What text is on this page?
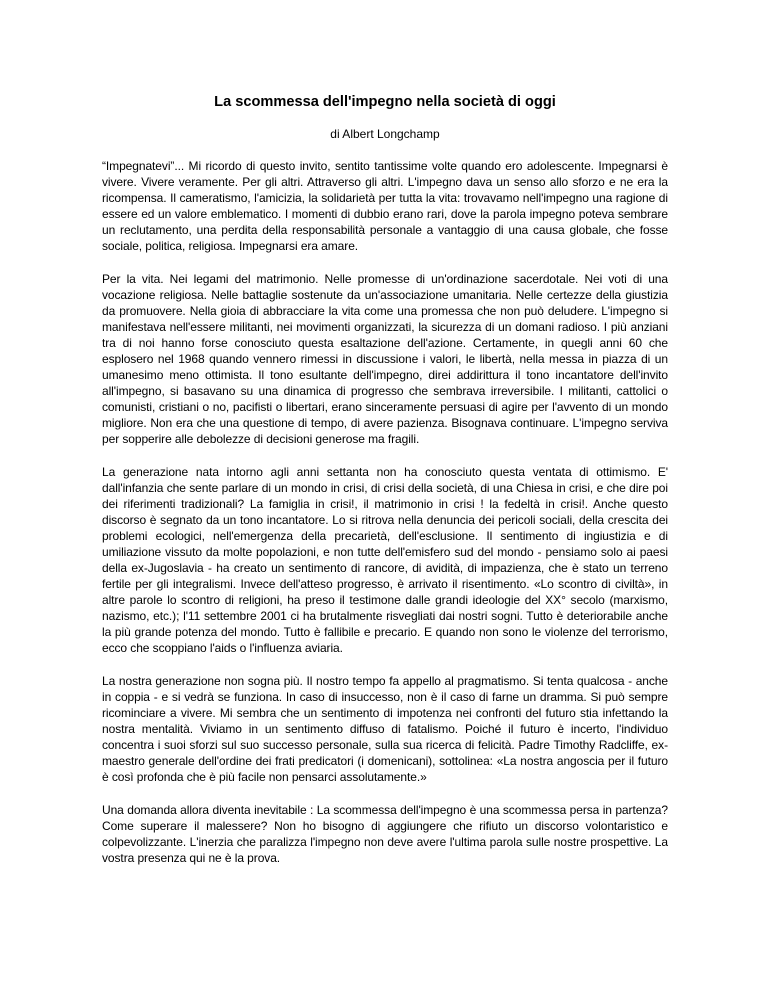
La scommessa dell'impegno nella società di oggi

di Albert Longchamp

“Impegnatevi”... Mi ricordo di questo invito, sentito tantissime volte quando ero adolescente. Impegnarsi è vivere. Vivere veramente. Per gli altri. Attraverso gli altri. L'impegno dava un senso allo sforzo e ne era la ricompensa. Il cameratismo, l'amicizia, la solidarietà per tutta la vita: trovavamo nell'impegno una ragione di essere ed un valore emblematico. I momenti di dubbio erano rari, dove la parola impegno poteva sembrare un reclutamento, una perdita della responsabilità personale a vantaggio di una causa globale, che fosse sociale, politica, religiosa. Impegnarsi era amare.

Per la vita. Nei legami del matrimonio. Nelle promesse di un'ordinazione sacerdotale. Nei voti di una vocazione religiosa. Nelle battaglie sostenute da un'associazione umanitaria. Nelle certezze della giustizia da promuovere. Nella gioia di abbracciare la vita come una promessa che non può deludere. L'impegno si manifestava nell'essere militanti, nei movimenti organizzati, la sicurezza di un domani radioso. I più anziani tra di noi hanno forse conosciuto questa esaltazione dell'azione. Certamente, in quegli anni 60 che esplosero nel 1968 quando vennero rimessi in discussione i valori, le libertà, nella messa in piazza di un umanesimo meno ottimista. Il tono esultante dell'impegno, direi addirittura il tono incantatore dell'invito all'impegno, si basavano su una dinamica di progresso che sembrava irreversibile. I militanti, cattolici o comunisti, cristiani o no, pacifisti o libertari, erano sinceramente persuasi di agire per l'avvento di un mondo migliore. Non era che una questione di tempo, di avere pazienza. Bisognava continuare. L'impegno serviva per sopperire alle debolezze di decisioni generose ma fragili.

La generazione nata intorno agli anni settanta non ha conosciuto questa ventata di ottimismo. E' dall'infanzia che sente parlare di un mondo in crisi, di crisi della società, di una Chiesa in crisi, e che dire poi dei riferimenti tradizionali? La famiglia in crisi!, il matrimonio in crisi ! la fedeltà in crisi!. Anche questo discorso è segnato da un tono incantatore. Lo si ritrova nella denuncia dei pericoli sociali, della crescita dei problemi ecologici, nell'emergenza della precarietà, dell'esclusione. Il sentimento di ingiustizia e di umiliazione vissuto da molte popolazioni, e non tutte dell'emisfero sud del mondo - pensiamo solo ai paesi della ex-Jugoslavia - ha creato un sentimento di rancore, di avidità, di impazienza, che è stato un terreno fertile per gli integralismi. Invece dell'atteso progresso, è arrivato il risentimento. «Lo scontro di civiltà», in altre parole lo scontro di religioni, ha preso il testimone dalle grandi ideologie del XX° secolo (marxismo, nazismo, etc.); l'11 settembre 2001 ci ha brutalmente risvegliati dai nostri sogni. Tutto è deteriorabile anche la più grande potenza del mondo. Tutto è fallibile e precario. E quando non sono le violenze del terrorismo, ecco che scoppiano l'aids o l'influenza aviaria.

La nostra generazione non sogna più. Il nostro tempo fa appello al pragmatismo. Si tenta qualcosa - anche in coppia - e si vedrà se funziona. In caso di insuccesso, non è il caso di farne un dramma. Si può sempre ricominciare a vivere. Mi sembra che un sentimento di impotenza nei confronti del futuro stia infettando la nostra mentalità. Viviamo in un sentimento diffuso di fatalismo. Poiché il futuro è incerto, l'individuo concentra i suoi sforzi sul suo successo personale, sulla sua ricerca di felicità. Padre Timothy Radcliffe, ex-maestro generale dell'ordine dei frati predicatori (i domenicani), sottolinea: «La nostra angoscia per il futuro è così profonda che è più facile non pensarci assolutamente.»

Una domanda allora diventa inevitabile : La scommessa dell'impegno è una scommessa persa in partenza? Come superare il malessere? Non ho bisogno di aggiungere che rifiuto un discorso volontaristico e colpevolizzante. L'inerzia che paralizza l'impegno non deve avere l'ultima parola sulle nostre prospettive. La vostra presenza qui ne è la prova.
